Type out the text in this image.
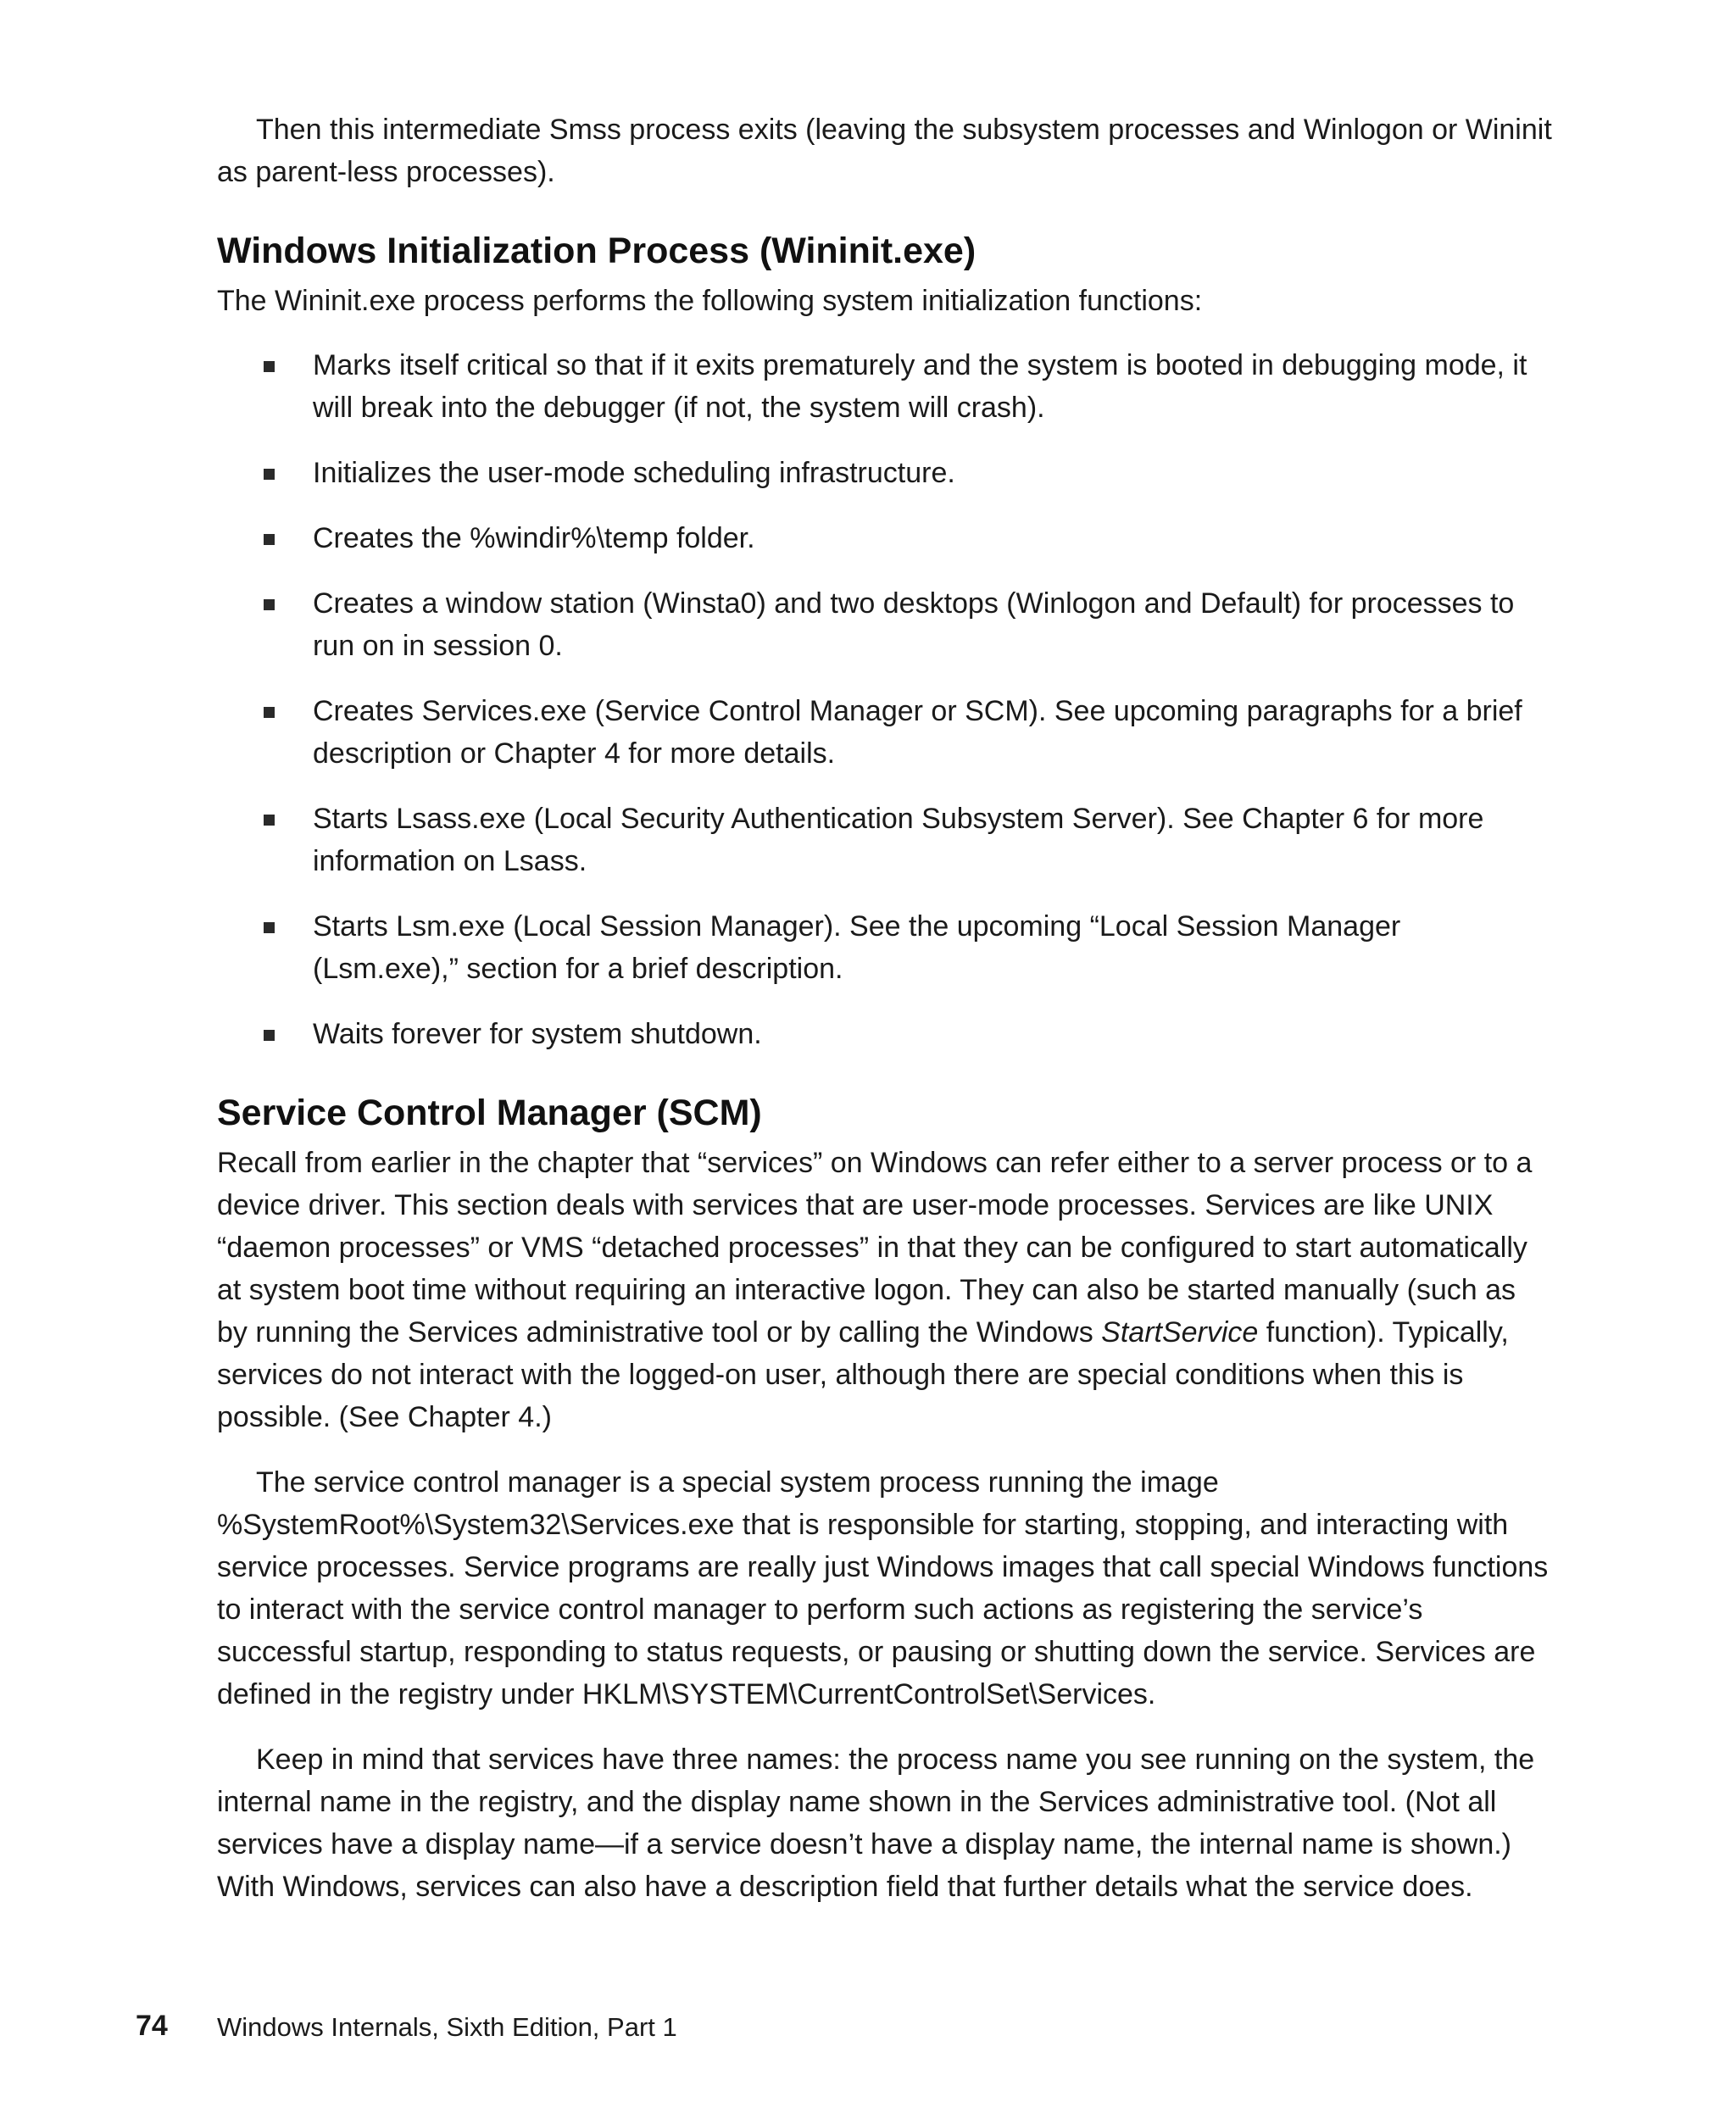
Then this intermediate Smss process exits (leaving the subsystem processes and Winlogon or Wininit as parent-less processes).

Windows Initialization Process (Wininit.exe)

The Wininit.exe process performs the following system initialization functions:

Marks itself critical so that if it exits prematurely and the system is booted in debugging mode, it will break into the debugger (if not, the system will crash).
Initializes the user-mode scheduling infrastructure.
Creates the %windir%\temp folder.
Creates a window station (Winsta0) and two desktops (Winlogon and Default) for processes to run on in session 0.
Creates Services.exe (Service Control Manager or SCM). See upcoming paragraphs for a brief description or Chapter 4 for more details.
Starts Lsass.exe (Local Security Authentication Subsystem Server). See Chapter 6 for more information on Lsass.
Starts Lsm.exe (Local Session Manager). See the upcoming “Local Session Manager (Lsm.exe),” section for a brief description.
Waits forever for system shutdown.
Service Control Manager (SCM)

Recall from earlier in the chapter that “services” on Windows can refer either to a server process or to a device driver. This section deals with services that are user-mode processes. Services are like UNIX “daemon processes” or VMS “detached processes” in that they can be configured to start automatically at system boot time without requiring an interactive logon. They can also be started manually (such as by running the Services administrative tool or by calling the Windows StartService function). Typically, services do not interact with the logged-on user, although there are special conditions when this is possible. (See Chapter 4.)

The service control manager is a special system process running the image %SystemRoot%\System32\Services.exe that is responsible for starting, stopping, and interacting with service processes. Service programs are really just Windows images that call special Windows functions to interact with the service control manager to perform such actions as registering the service’s successful startup, responding to status requests, or pausing or shutting down the service. Services are defined in the registry under HKLM\SYSTEM\CurrentControlSet\Services.

Keep in mind that services have three names: the process name you see running on the system, the internal name in the registry, and the display name shown in the Services administrative tool. (Not all services have a display name—if a service doesn’t have a display name, the internal name is shown.) With Windows, services can also have a description field that further details what the service does.

74 Windows Internals, Sixth Edition, Part 1
